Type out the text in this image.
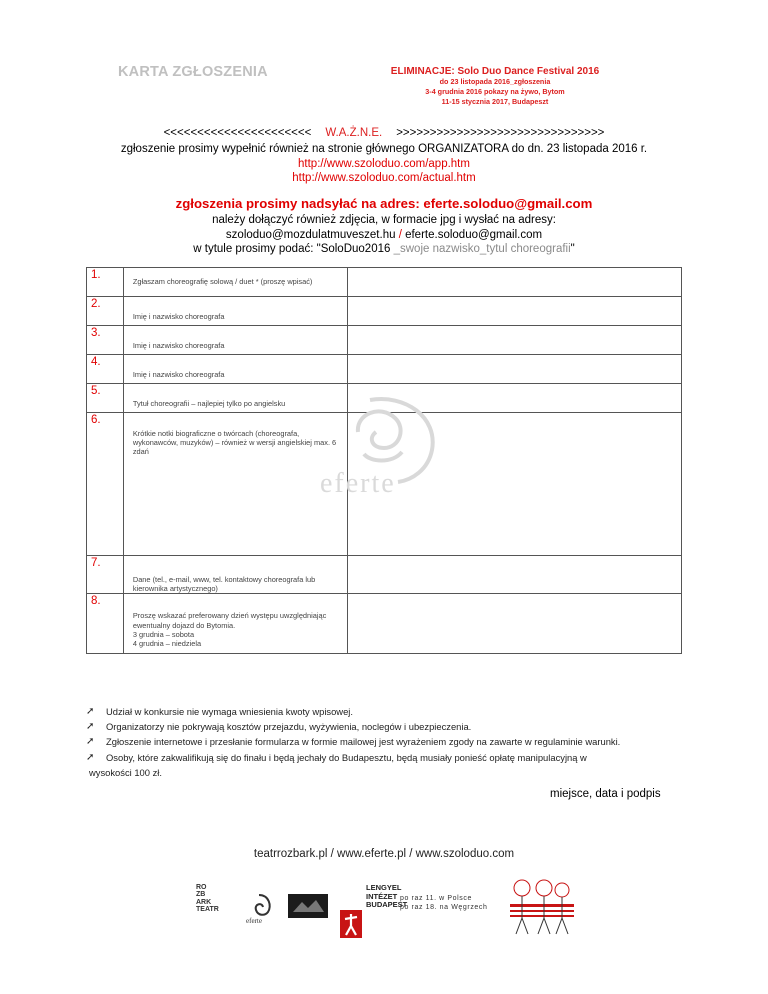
KARTA ZGŁOSZENIA	ELIMINACJE: Solo Duo Dance Festival 2016
do 23 listopada 2016_zgłoszenia
3-4 grudnia 2016 pokazy na żywo, Bytom
11-15 stycznia 2017, Budapeszt
<<<<<<<<<<<<<<<<<<<<<< W.A.Ż.N.E. >>>>>>>>>>>>>>>>>>>>>>>>>>>>>>>
zgłoszenie prosimy wypełnić również na stronie głównego ORGANIZATORA do dn. 23 listopada 2016 r.
http://www.szoloduo.com/app.htm
http://www.szoloduo.com/actual.htm
zgłoszenia prosimy nadsyłać na adres: eferte.soloduo@gmail.com
należy dołączyć również zdjęcia, w formacie jpg i wysłać na adresy:
szoloduo@mozdulatmuveszet.hu / eferte.soloduo@gmail.com
w tytule prosimy podać: "SoloDuo2016 _swoje nazwisko_tytul choreografii"
1.	Zgłaszam choreografię solową / duet * (proszę wpisać)	

2.	Imię i nazwisko choreografa	

3.	Imię i nazwisko choreografa	

4.	Imię i nazwisko choreografa	

5.	Tytuł choreografii – najlepiej tylko po angielsku	

6.	Krótkie notki biograficzne o twórcach (choreografa, wykonawców, muzyków) – również w wersji angielskiej max. 6 zdań	

7.	Dane (tel., e-mail, www, tel. kontaktowy choreografa lub kierownika artystycznego)	

8.	Proszę wskazać preferowany dzień występu uwzględniając ewentualny dojazd do Bytomia.
3 grudnia – sobota
4 grudnia – niedziela	

eferte
➚ Udział w konkursie nie wymaga wniesienia kwoty wpisowej.
➚ Organizatorzy nie pokrywają kosztów przejazdu, wyżywienia, noclegów i ubezpieczenia.
➚ Zgłoszenie internetowe i przesłanie formularza w formie mailowej jest wyrażeniem zgody na zawarte w regulaminie warunki.
➚ Osoby, które zakwalifikują się do finału i będą jechały do Budapesztu, będą musiały ponieść opłatę manipulacyjną w
wysokości 100 zł.
miejsce, data i podpis
teatrrozbark.pl / www.eferte.pl / www.szoloduo.com
RO
ZB
ARK
TEATR
eferte
LENGYEL
INTÉZET
BUDAPEST
po raz 11. w Polsce
po raz 18. na Węgrzech
